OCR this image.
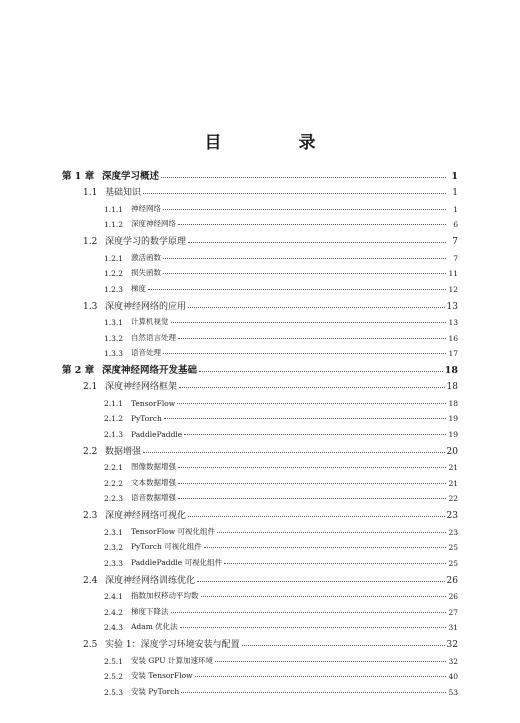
目　录
第 1 章 深度学习概述	1
1.1 基础知识	1
1.1.1	神经网络	1
1.1.2	深度神经网络	6
1.2 深度学习的数学原理	7
1.2.1	激活函数	7
1.2.2	损失函数	11
1.2.3	梯度	12
1.3 深度神经网络的应用	13
1.3.1	计算机视觉	13
1.3.2	自然语言处理	16
1.3.3	语音处理	17
第 2 章 深度神经网络开发基础	18
2.1 深度神经网络框架	18
2.1.1	TensorFlow	18
2.1.2	PyTorch	19
2.1.3	PaddlePaddle	19
2.2 数据增强	20
2.2.1	图像数据增强	21
2.2.2	文本数据增强	21
2.2.3	语音数据增强	22
2.3 深度神经网络可视化	23
2.3.1	TensorFlow 可视化组件	23
2.3.2	PyTorch 可视化组件	25
2.3.3	PaddlePaddle 可视化组件	25
2.4 深度神经网络训练优化	26
2.4.1	指数加权移动平均数	26
2.4.2	梯度下降法	27
2.4.3	Adam 优化法	31
2.5 实验 1：深度学习环境安装与配置	32
2.5.1	安装 GPU 计算加速环境	32
2.5.2	安装 TensorFlow	40
2.5.3	安装 PyTorch	53
